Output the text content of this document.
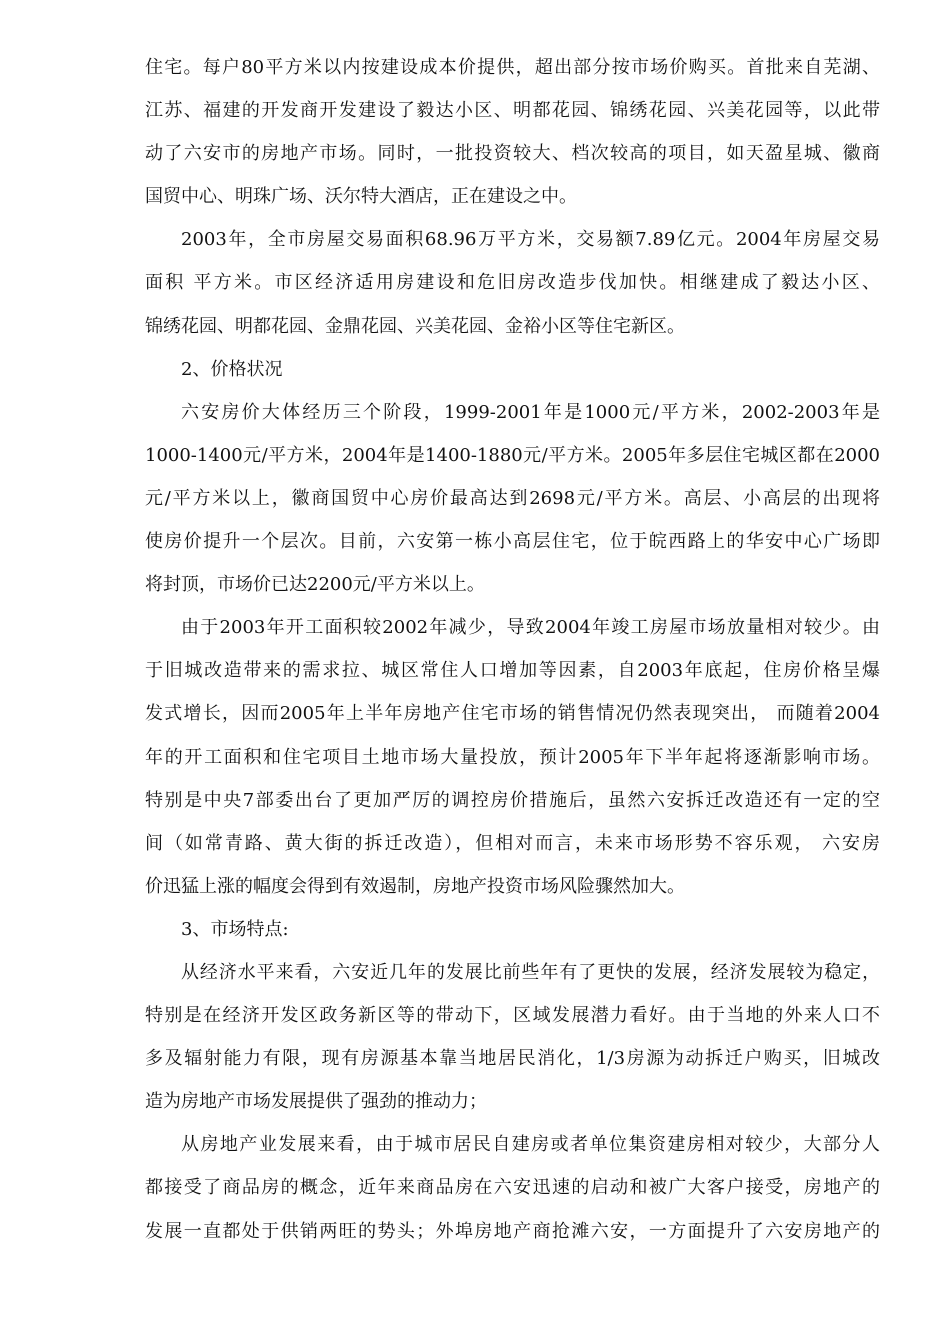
住宅。每户80平方米以内按建设成本价提供，超出部分按市场价购买。首批来自芜湖、
江苏、福建的开发商开发建设了毅达小区、明都花园、锦绣花园、兴美花园等，以此带
动了六安市的房地产市场。同时，一批投资较大、档次较高的项目，如天盈星城、徽商
国贸中心、明珠广场、沃尔特大酒店，正在建设之中。
2003年，全市房屋交易面积68.96万平方米，交易额7.89亿元。2004年房屋交易
面积 平方米。市区经济适用房建设和危旧房改造步伐加快。相继建成了毅达小区、
锦绣花园、明都花园、金鼎花园、兴美花园、金裕小区等住宅新区。
2、价格状况
六安房价大体经历三个阶段，1999-2001年是1000元/平方米，2002-2003年是
1000-1400元/平方米，2004年是1400-1880元/平方米。2005年多层住宅城区都在2000
元/平方米以上，徽商国贸中心房价最高达到2698元/平方米。高层、小高层的出现将
使房价提升一个层次。目前，六安第一栋小高层住宅，位于皖西路上的华安中心广场即
将封顶，市场价已达2200元/平方米以上。
由于2003年开工面积较2002年减少，导致2004年竣工房屋市场放量相对较少。由
于旧城改造带来的需求拉、城区常住人口增加等因素，自2003年底起，住房价格呈爆
发式增长，因而2005年上半年房地产住宅市场的销售情况仍然表现突出， 而随着2004
年的开工面积和住宅项目土地市场大量投放，预计2005年下半年起将逐渐影响市场。
特别是中央7部委出台了更加严厉的调控房价措施后，虽然六安拆迁改造还有一定的空
间（如常青路、黄大街的拆迁改造），但相对而言，未来市场形势不容乐观， 六安房
价迅猛上涨的幅度会得到有效遏制，房地产投资市场风险骤然加大。
3、市场特点:
从经济水平来看，六安近几年的发展比前些年有了更快的发展，经济发展较为稳定，
特别是在经济开发区政务新区等的带动下，区域发展潜力看好。由于当地的外来人口不
多及辐射能力有限，现有房源基本靠当地居民消化，1/3房源为动拆迁户购买，旧城改
造为房地产市场发展提供了强劲的推动力；
从房地产业发展来看，由于城市居民自建房或者单位集资建房相对较少，大部分人
都接受了商品房的概念，近年来商品房在六安迅速的启动和被广大客户接受，房地产的
发展一直都处于供销两旺的势头；外埠房地产商抢滩六安，一方面提升了六安房地产的
